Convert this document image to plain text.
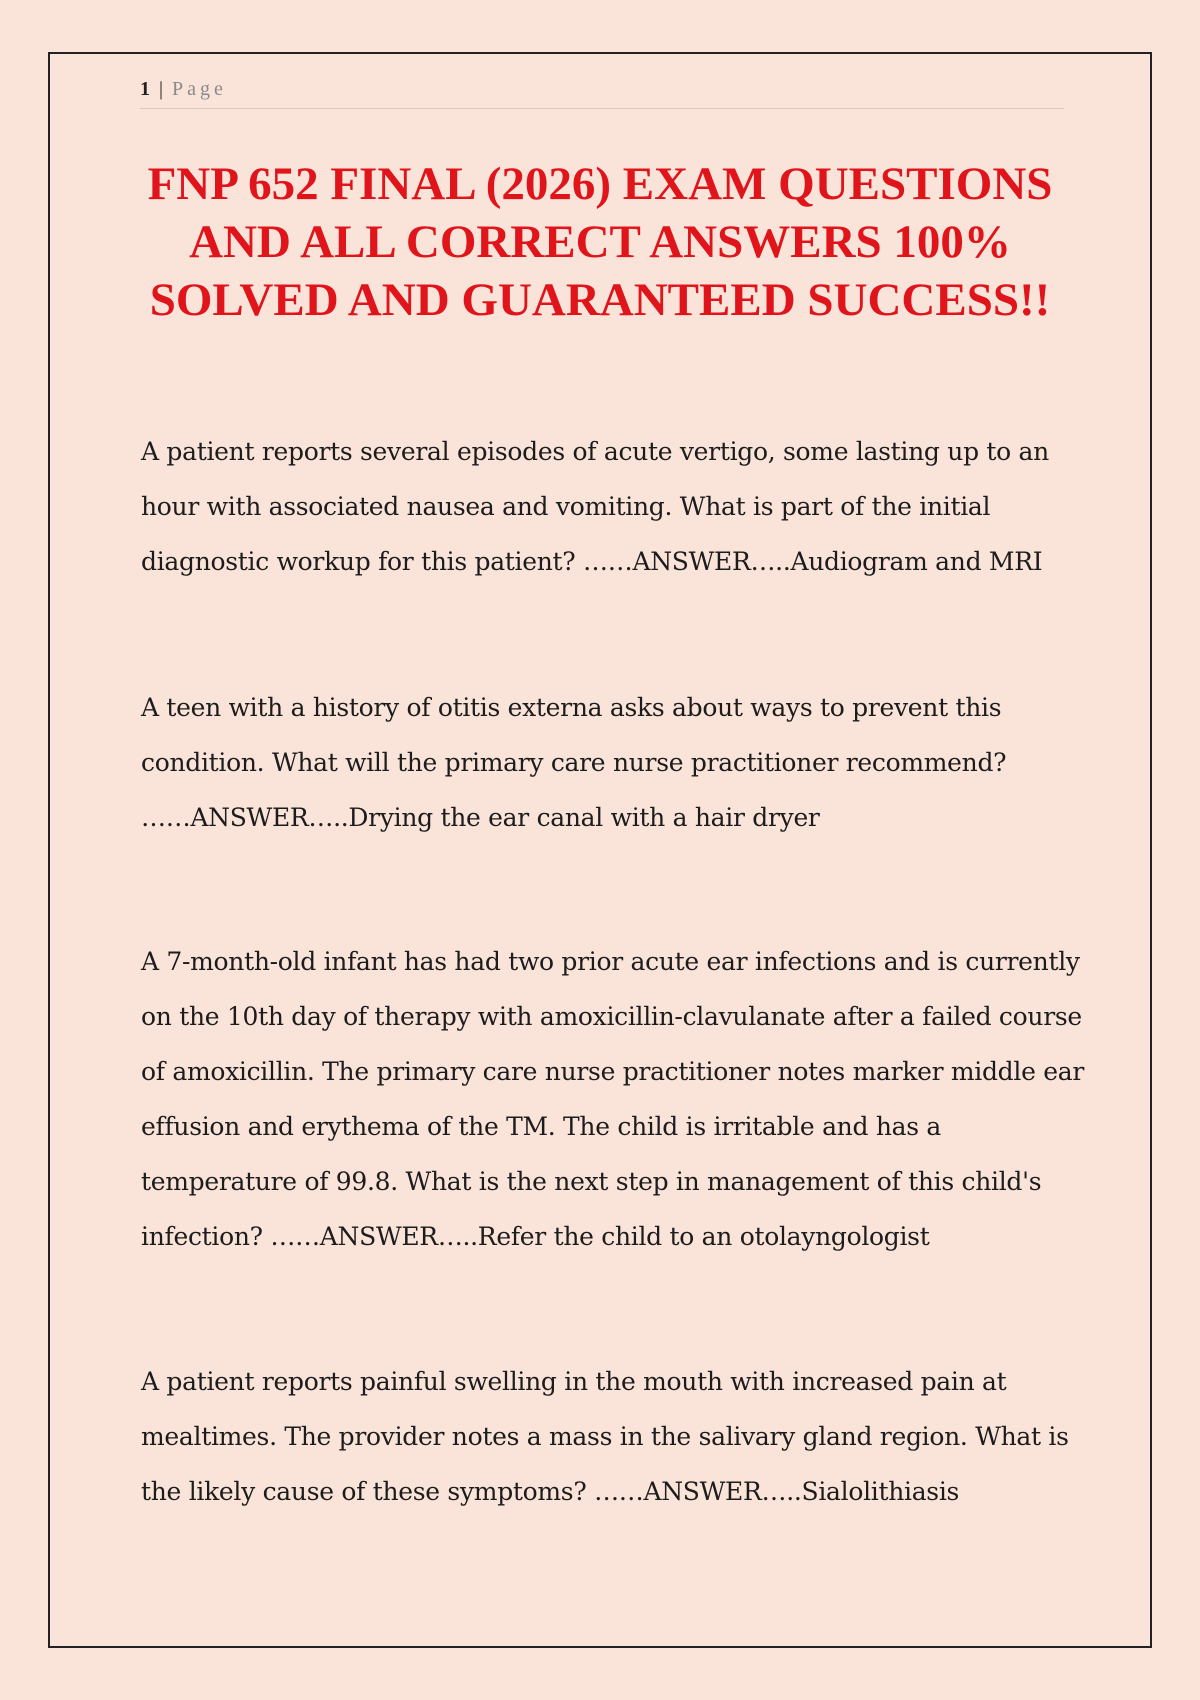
1 | Page
FNP 652 FINAL (2026) EXAM QUESTIONS
AND ALL CORRECT ANSWERS 100%
SOLVED AND GUARANTEED SUCCESS!!

A patient reports several episodes of acute vertigo, some lasting up to an
hour with associated nausea and vomiting. What is part of the initial
diagnostic workup for this patient? ……ANSWER…..Audiogram and MRI

A teen with a history of otitis externa asks about ways to prevent this
condition. What will the primary care nurse practitioner recommend?
……ANSWER…..Drying the ear canal with a hair dryer

A 7-month-old infant has had two prior acute ear infections and is currently
on the 10th day of therapy with amoxicillin-clavulanate after a failed course
of amoxicillin. The primary care nurse practitioner notes marker middle ear
effusion and erythema of the TM. The child is irritable and has a
temperature of 99.8. What is the next step in management of this child's
infection? ……ANSWER…..Refer the child to an otolayngologist

A patient reports painful swelling in the mouth with increased pain at
mealtimes. The provider notes a mass in the salivary gland region. What is
the likely cause of these symptoms? ……ANSWER…..Sialolithiasis
